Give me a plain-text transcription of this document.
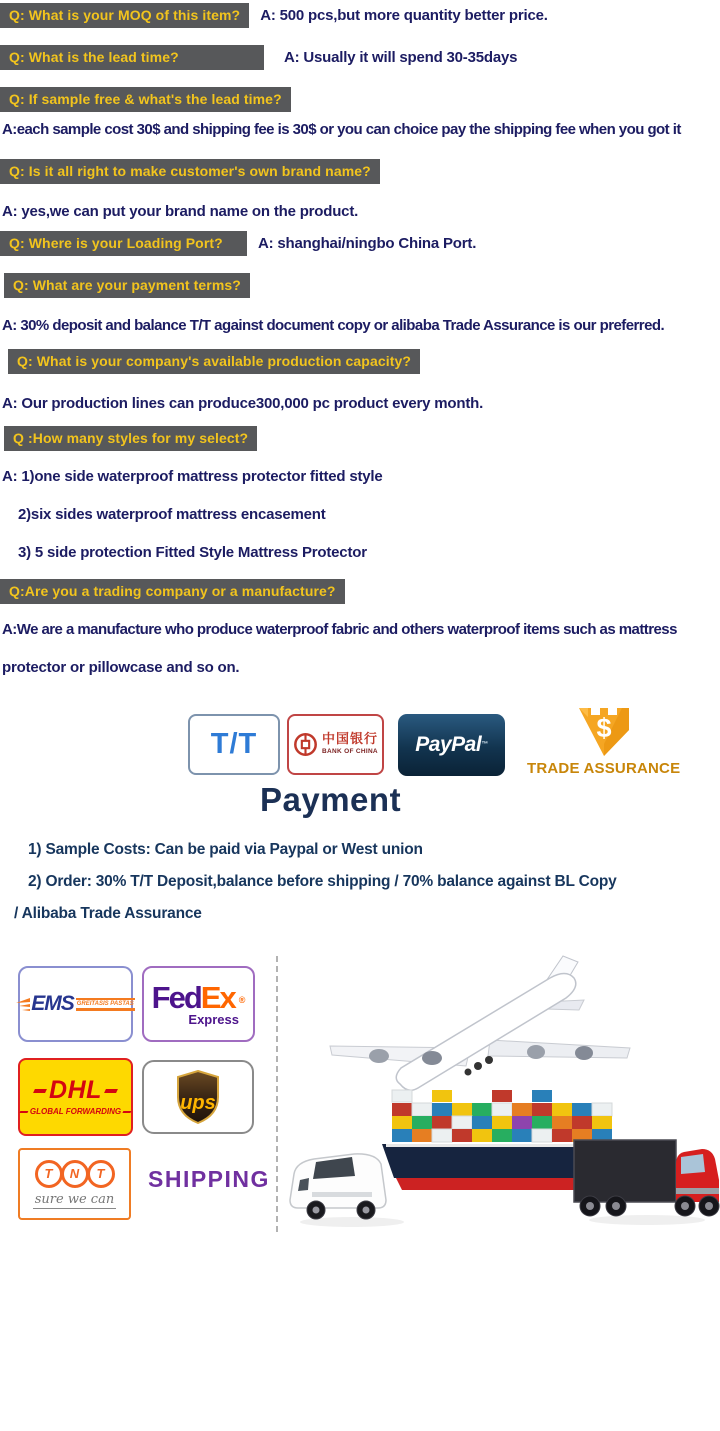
Q: What is your MOQ of this item?	A: 500 pcs,but more quantity better price.
Q: What is the lead time?	A: Usually it will spend 30-35days
Q: If sample free & what's the lead time?
A:each sample cost 30$ and shipping fee is 30$ or you can choice pay the shipping fee when you got it
Q: Is it all right to make customer's own brand name?
A: yes,we can put your brand name on the product.
Q: Where is your Loading Port?	A: shanghai/ningbo China Port.
Q: What are your payment terms?
A: 30% deposit and balance T/T against document copy or alibaba Trade Assurance is our preferred.
Q: What is your company's available production capacity?
A: Our production lines can produce300,000 pc product every month.
Q :How many styles for my select?
A: 1)one side waterproof mattress protector fitted style
2)six sides waterproof mattress encasement
3) 5 side protection Fitted Style Mattress Protector
Q:Are you a trading company or a manufacture?
A:We are a manufacture who produce waterproof fabric and others waterproof items such as mattress
protector or pillowcase and so on.
T/T	中国银行
BANK OF CHINA PayPal ™
$
TRADE ASSURANCE
Payment
1) Sample Costs: Can be paid via Paypal or West union
2) Order: 30% T/T Deposit,balance before shipping / 70% balance against BL Copy
/ Alibaba Trade Assurance
EMS GREITASIS PAŠTAS Fed Ex ®
Express
DHL
GLOBAL FORWARDING	ups
T	N	T
sure we can
SHIPPING
